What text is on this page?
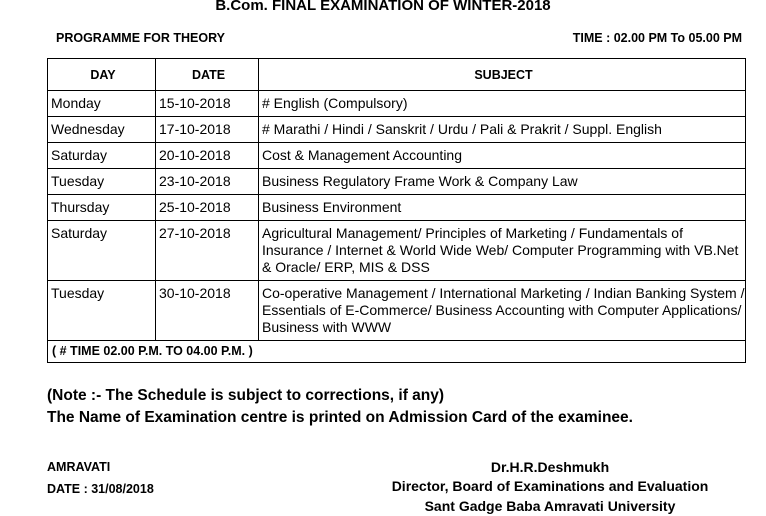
B.Com. FINAL EXAMINATION OF WINTER-2018
PROGRAMME FOR THEORY	TIME : 02.00 PM To 05.00 PM
DAY	DATE	SUBJECT
Monday	15-10-2018	# English (Compulsory)
Wednesday	17-10-2018	# Marathi / Hindi / Sanskrit / Urdu / Pali & Prakrit / Suppl. English
Saturday	20-10-2018	Cost & Management Accounting
Tuesday	23-10-2018	Business Regulatory Frame Work & Company Law
Thursday	25-10-2018	Business Environment
Saturday	27-10-2018	Agricultural Management/ Principles of Marketing / Fundamentals of Insurance / Internet & World Wide Web/ Computer Programming with VB.Net & Oracle/ ERP, MIS & DSS
Tuesday	30-10-2018	Co-operative Management / International Marketing / Indian Banking System / Essentials of E-Commerce/ Business Accounting with Computer Applications/ Business with WWW
( # TIME 02.00 P.M. TO 04.00 P.M. )		
(Note :- The Schedule is subject to corrections, if any)
The Name of Examination centre is printed on Admission Card of the examinee.
AMRAVATI
DATE : 31/08/2018
Dr.H.R.Deshmukh
Director, Board of Examinations and Evaluation
Sant Gadge Baba Amravati University
